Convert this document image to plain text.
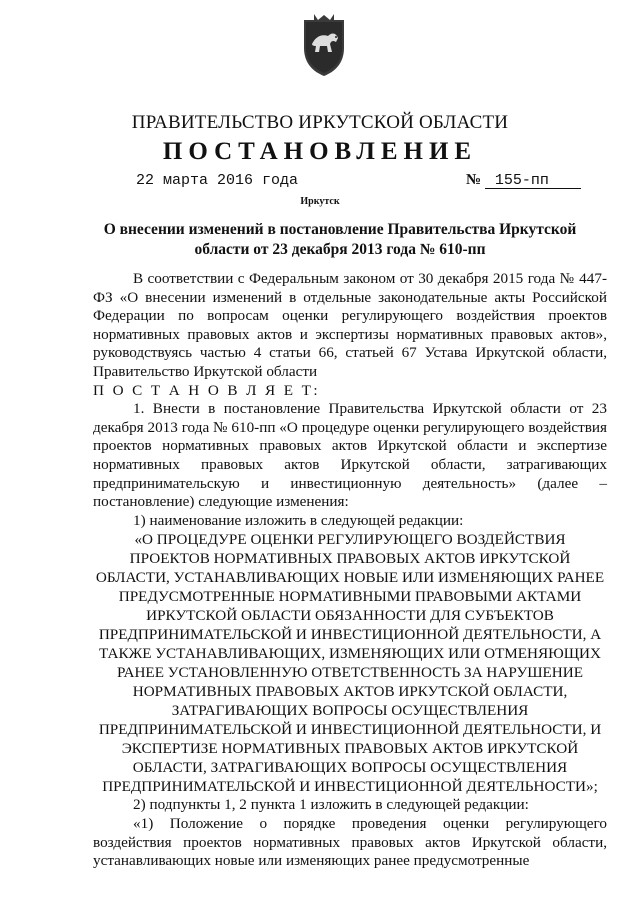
ПРАВИТЕЛЬСТВО ИРКУТСКОЙ ОБЛАСТИ
ПОСТАНОВЛЕНИЕ
22 марта 2016 года	№ 155-пп
Иркутск
О внесении изменений в постановление Правительства Иркутской области от 23 декабря 2013 года № 610-пп

В соответствии с Федеральным законом от 30 декабря 2015 года № 447-ФЗ «О внесении изменений в отдельные законодательные акты Российской Федерации по вопросам оценки регулирующего воздействия проектов нормативных правовых актов и экспертизы нормативных правовых актов», руководствуясь частью 4 статьи 66, статьей 67 Устава Иркутской области, Правительство Иркутской области

П О С Т А Н О В Л Я Е Т:

1. Внести в постановление Правительства Иркутской области от 23 декабря 2013 года № 610-пп «О процедуре оценки регулирующего воздействия проектов нормативных правовых актов Иркутской области и экспертизе нормативных правовых актов Иркутской области, затрагивающих предпринимательскую и инвестиционную деятельность» (далее – постановление) следующие изменения:

1) наименование изложить в следующей редакции:

«О ПРОЦЕДУРЕ ОЦЕНКИ РЕГУЛИРУЮЩЕГО ВОЗДЕЙСТВИЯ ПРОЕКТОВ НОРМАТИВНЫХ ПРАВОВЫХ АКТОВ ИРКУТСКОЙ ОБЛАСТИ, УСТАНАВЛИВАЮЩИХ НОВЫЕ ИЛИ ИЗМЕНЯЮЩИХ РАНЕЕ ПРЕДУСМОТРЕННЫЕ НОРМАТИВНЫМИ ПРАВОВЫМИ АКТАМИ ИРКУТСКОЙ ОБЛАСТИ ОБЯЗАННОСТИ ДЛЯ СУБЪЕКТОВ ПРЕДПРИНИМАТЕЛЬСКОЙ И ИНВЕСТИЦИОННОЙ ДЕЯТЕЛЬНОСТИ, А ТАКЖЕ УСТАНАВЛИВАЮЩИХ, ИЗМЕНЯЮЩИХ ИЛИ ОТМЕНЯЮЩИХ РАНЕЕ УСТАНОВЛЕННУЮ ОТВЕТСТВЕННОСТЬ ЗА НАРУШЕНИЕ НОРМАТИВНЫХ ПРАВОВЫХ АКТОВ ИРКУТСКОЙ ОБЛАСТИ, ЗАТРАГИВАЮЩИХ ВОПРОСЫ ОСУЩЕСТВЛЕНИЯ ПРЕДПРИНИМАТЕЛЬСКОЙ И ИНВЕСТИЦИОННОЙ ДЕЯТЕЛЬНОСТИ, И ЭКСПЕРТИЗЕ НОРМАТИВНЫХ ПРАВОВЫХ АКТОВ ИРКУТСКОЙ ОБЛАСТИ, ЗАТРАГИВАЮЩИХ ВОПРОСЫ ОСУЩЕСТВЛЕНИЯ ПРЕДПРИНИМАТЕЛЬСКОЙ И ИНВЕСТИЦИОННОЙ ДЕЯТЕЛЬНОСТИ»;

2) подпункты 1, 2 пункта 1 изложить в следующей редакции:

«1) Положение о порядке проведения оценки регулирующего воздействия проектов нормативных правовых актов Иркутской области, устанавливающих новые или изменяющих ранее предусмотренные
